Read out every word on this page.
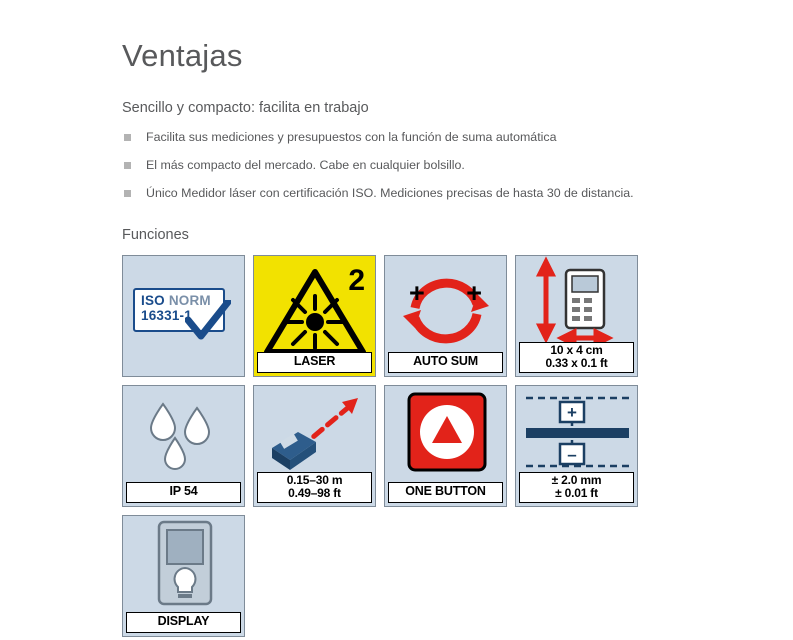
Ventajas
Sencillo y compacto: facilita en trabajo
Facilita sus mediciones y presupuestos con la función de suma automática
El más compacto del mercado. Cabe en cualquier bolsillo.
Único Medidor láser con certificación ISO. Mediciones precisas de hasta 30 de distancia.
Funciones
ISO NORM
16331-1
2
LASER
+ +
AUTO SUM
10 x 4 cm
0.33 x 0.1 ft
IP 54
0.15–30 m
0.49–98 ft	ONE BUTTON
+
–
± 2.0 mm
± 0.01 ft
DISPLAY
